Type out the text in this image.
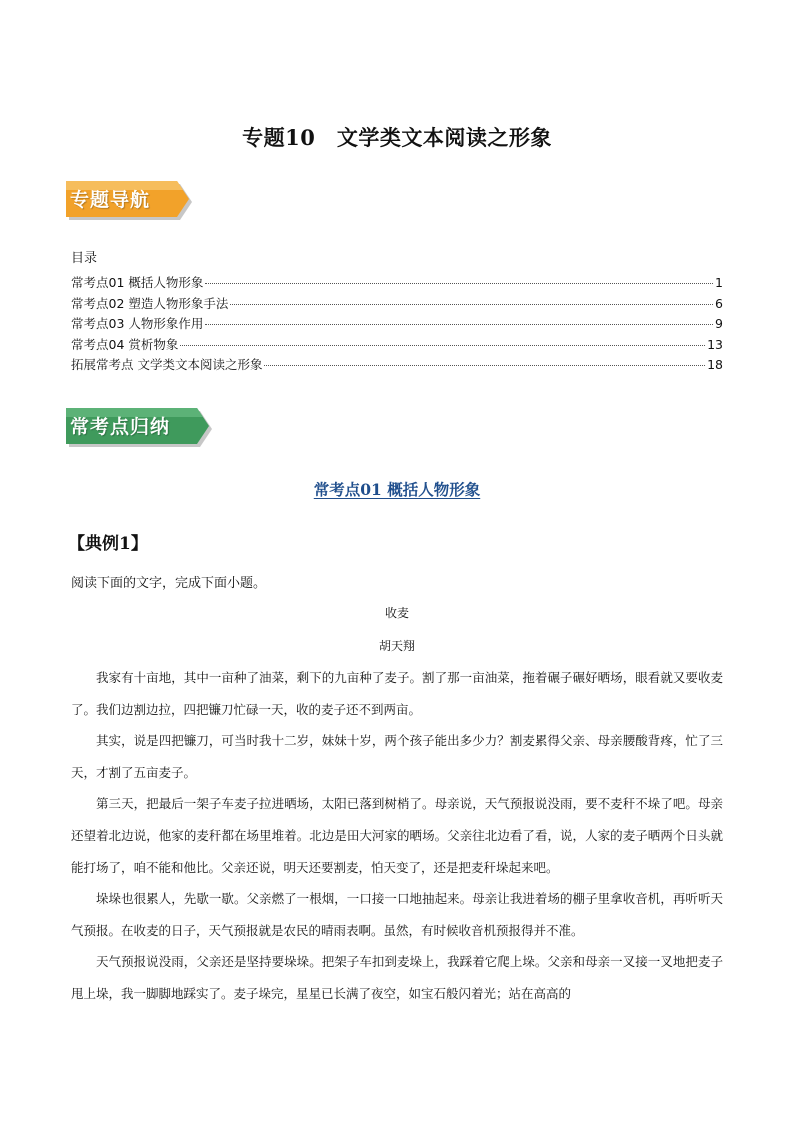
专题10　文学类文本阅读之形象
专题导航
目录
常考点01 概括人物形象	1
常考点02 塑造人物形象手法	6
常考点03 人物形象作用	9
常考点04 赏析物象	13
拓展常考点 文学类文本阅读之形象	18
常考点归纳
常考点01 概括人物形象
【典例1】
阅读下面的文字，完成下面小题。
收麦
胡天翔

我家有十亩地，其中一亩种了油菜，剩下的九亩种了麦子。割了那一亩油菜，拖着碾子碾好晒场，眼看就又要收麦了。我们边割边拉，四把镰刀忙碌一天，收的麦子还不到两亩。

其实，说是四把镰刀，可当时我十二岁，妹妹十岁，两个孩子能出多少力？割麦累得父亲、母亲腰酸背疼，忙了三天，才割了五亩麦子。

第三天，把最后一架子车麦子拉进晒场，太阳已落到树梢了。母亲说，天气预报说没雨，要不麦秆不垛了吧。母亲还望着北边说，他家的麦秆都在场里堆着。北边是田大河家的晒场。父亲往北边看了看，说，人家的麦子晒两个日头就能打场了，咱不能和他比。父亲还说，明天还要割麦，怕天变了，还是把麦秆垛起来吧。

垛垛也很累人，先歇一歇。父亲燃了一根烟，一口接一口地抽起来。母亲让我进着场的棚子里拿收音机，再听听天气预报。在收麦的日子，天气预报就是农民的晴雨表啊。虽然，有时候收音机预报得并不准。

天气预报说没雨，父亲还是坚持要垛垛。把架子车扣到麦垛上，我踩着它爬上垛。父亲和母亲一叉接一叉地把麦子甩上垛，我一脚脚地踩实了。麦子垛完，星星已长满了夜空，如宝石般闪着光；站在高高的
